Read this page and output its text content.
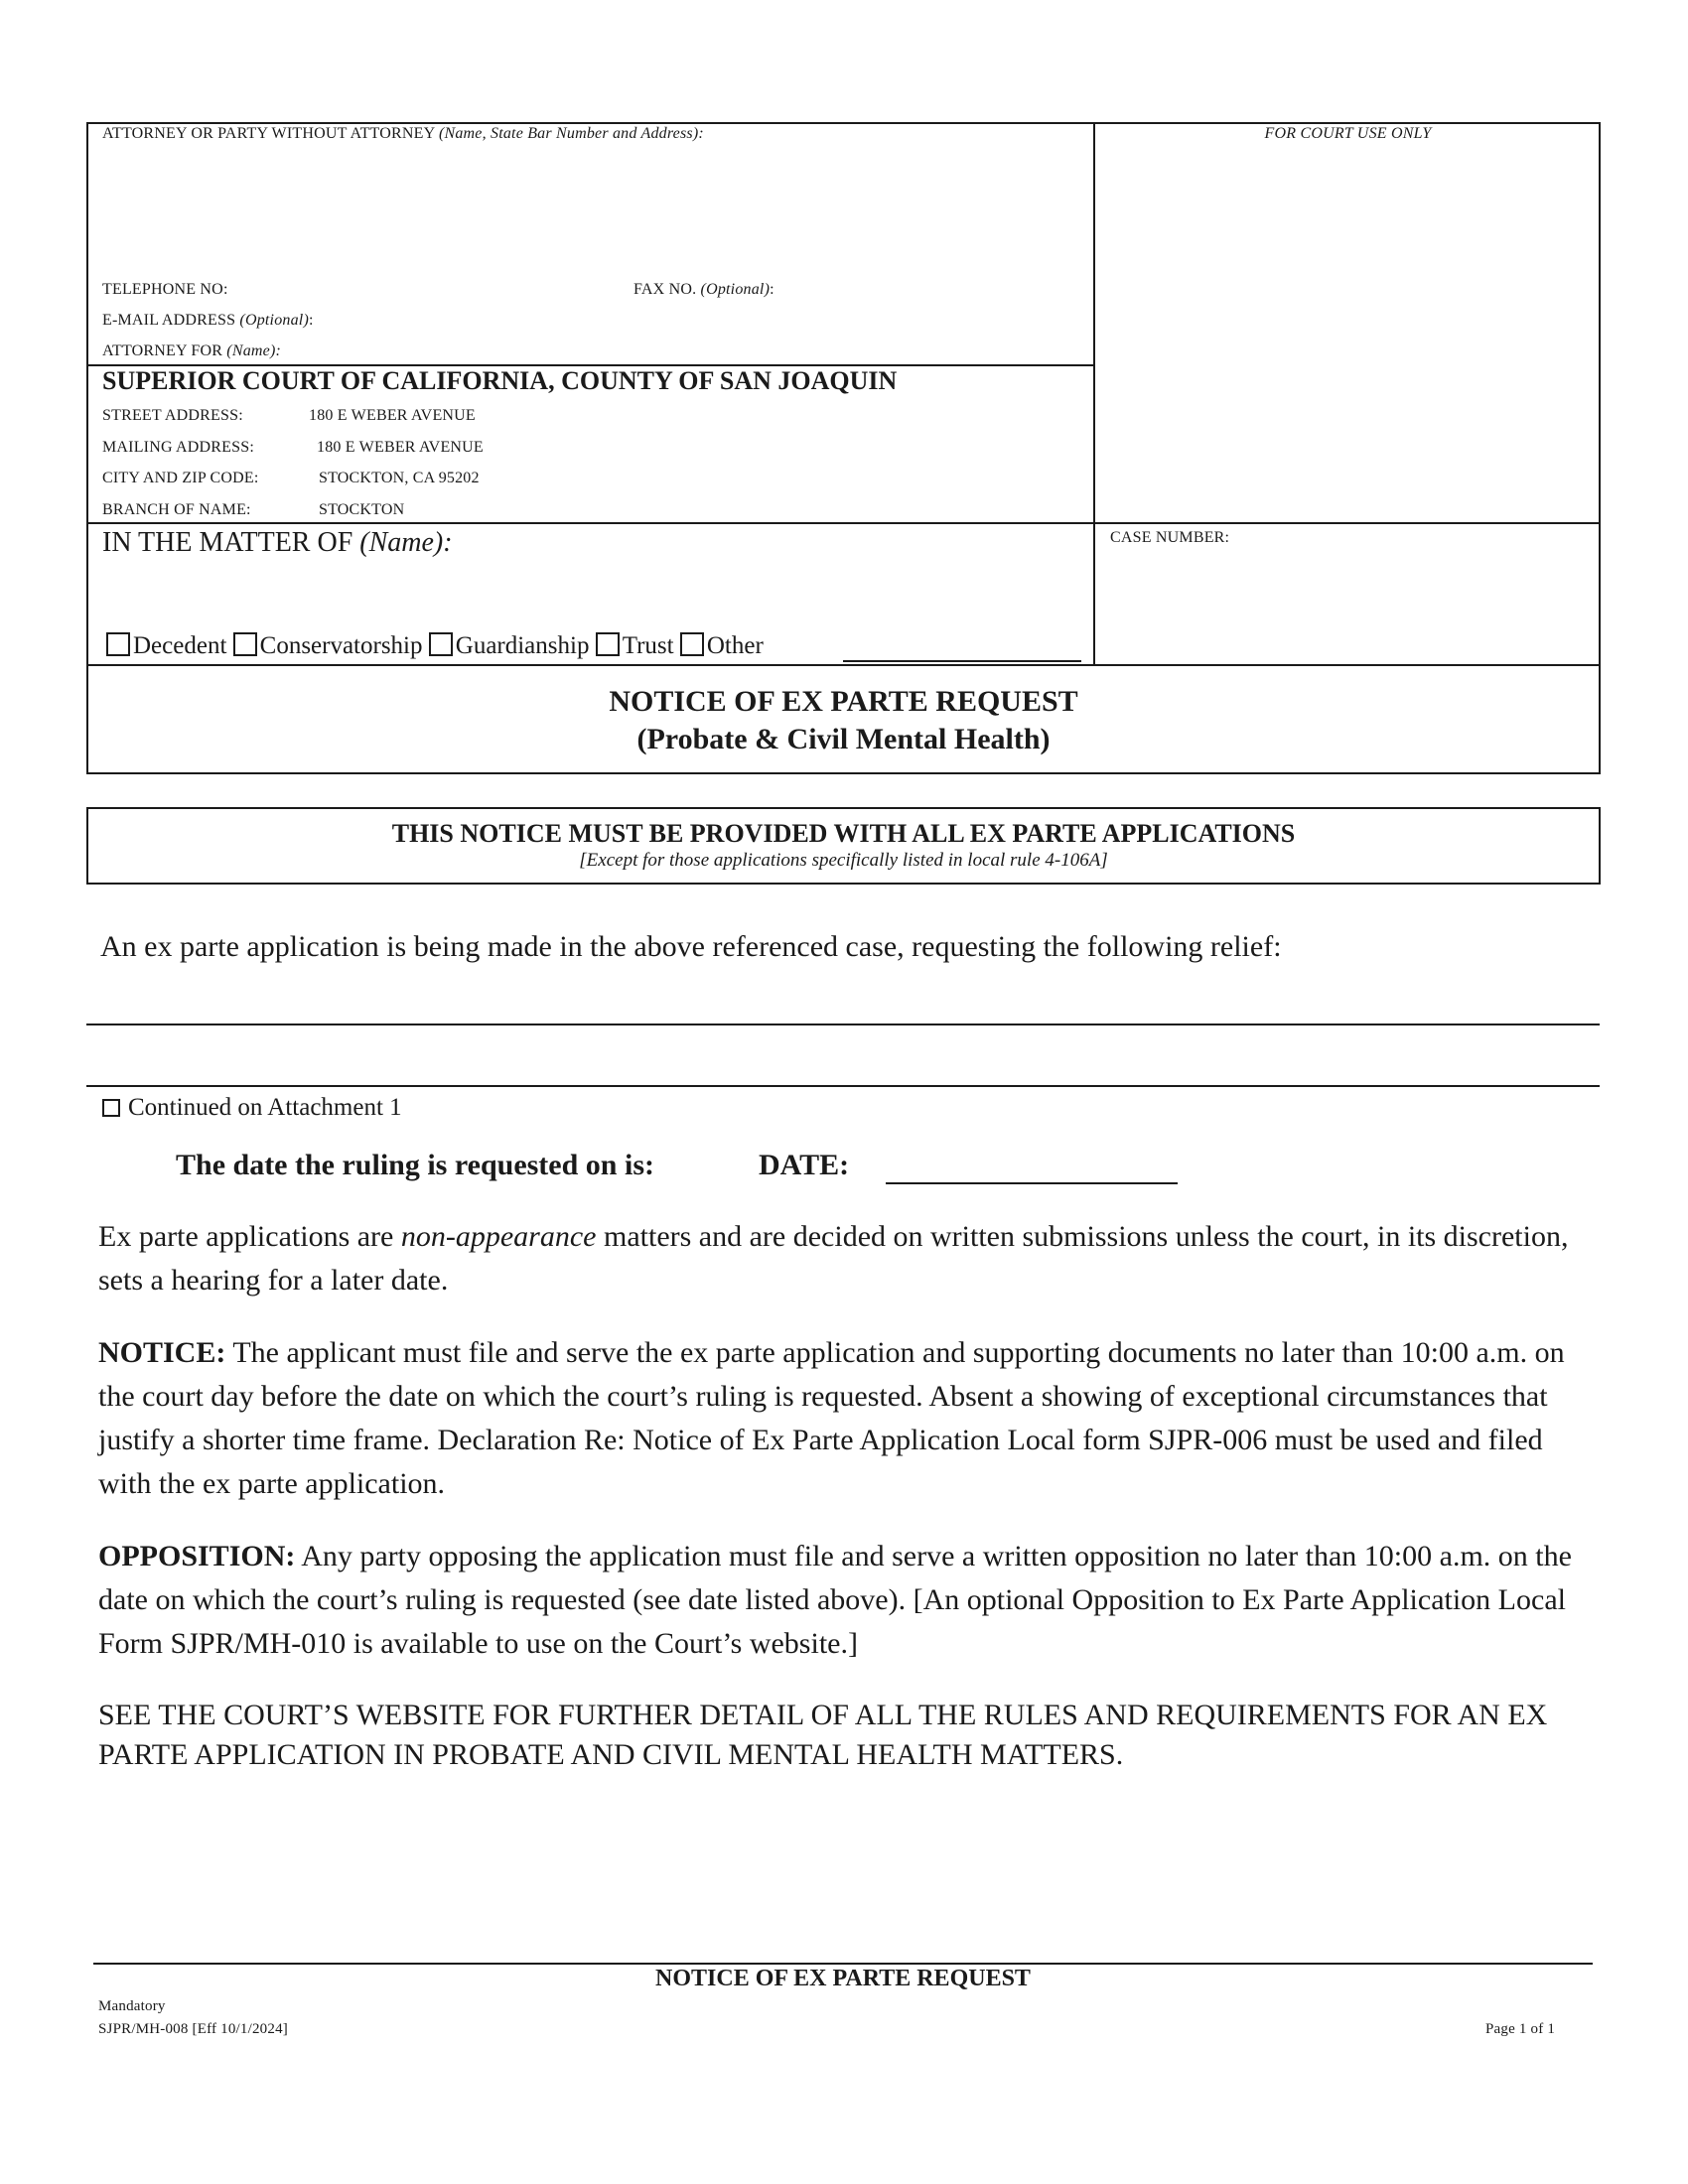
ATTORNEY OR PARTY WITHOUT ATTORNEY (Name, State Bar Number and Address):	FOR COURT USE ONLY
TELEPHONE NO:	FAX NO. (Optional):
E-MAIL ADDRESS (Optional):
ATTORNEY FOR (Name):
SUPERIOR COURT OF CALIFORNIA, COUNTY OF SAN JOAQUIN
STREET ADDRESS:	180 E WEBER AVENUE
MAILING ADDRESS:	180 E WEBER AVENUE
CITY AND ZIP CODE:	STOCKTON, CA 95202
BRANCH OF NAME:	STOCKTON
IN THE MATTER OF (Name):	CASE NUMBER:
Decedent Conservatorship Guardianship Trust Other
NOTICE OF EX PARTE REQUEST
(Probate & Civil Mental Health)
THIS NOTICE MUST BE PROVIDED WITH ALL EX PARTE APPLICATIONS
[Except for those applications specifically listed in local rule 4-106A]
An ex parte application is being made in the above referenced case, requesting the following relief:
Continued on Attachment 1
The date the ruling is requested on is:	DATE:
Ex parte applications are non-appearance matters and are decided on written submissions unless the court, in its discretion, sets a hearing for a later date.
NOTICE: The applicant must file and serve the ex parte application and supporting documents no later than 10:00 a.m. on the court day before the date on which the court’s ruling is requested. Absent a showing of exceptional circumstances that justify a shorter time frame. Declaration Re: Notice of Ex Parte Application Local form SJPR-006 must be used and filed with the ex parte application.
OPPOSITION: Any party opposing the application must file and serve a written opposition no later than 10:00 a.m. on the date on which the court’s ruling is requested (see date listed above). [An optional Opposition to Ex Parte Application Local Form SJPR/MH-010 is available to use on the Court’s website.]
SEE THE COURT’S WEBSITE FOR FURTHER DETAIL OF ALL THE RULES AND REQUIREMENTS FOR AN EX PARTE APPLICATION IN PROBATE AND CIVIL MENTAL HEALTH MATTERS.
NOTICE OF EX PARTE REQUEST
Mandatory
SJPR/MH-008 [Eff 10/1/2024]	Page 1 of 1
